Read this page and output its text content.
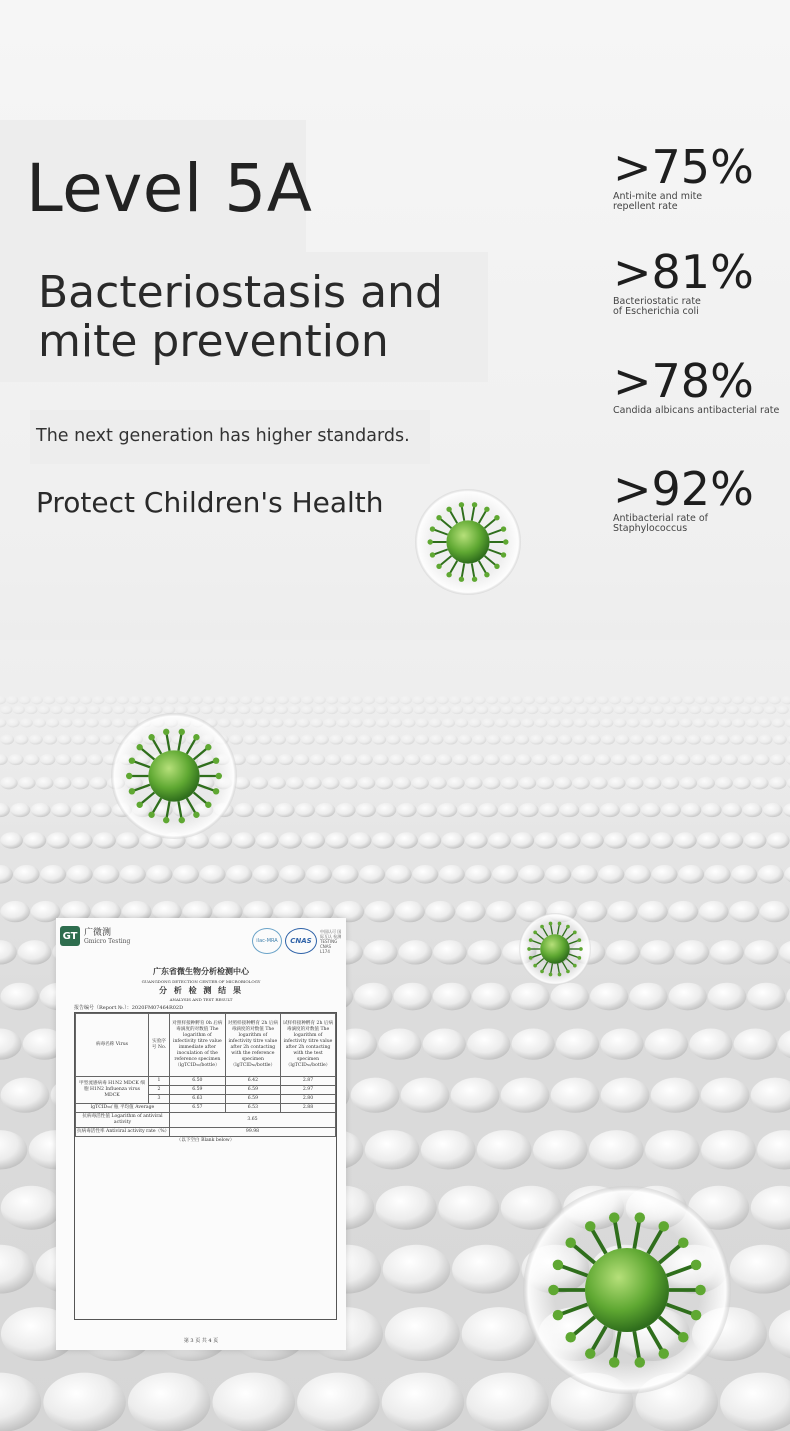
Level 5A
Bacteriostasis and
mite prevention
The next generation has higher standards.
Protect Children's Health
>75%
Anti-mite and mite repellent rate
>81%
Bacteriostatic rate of Escherichia coli
>78%
Candida albicans antibacterial rate
>92%
Antibacterial rate of Staphylococcus
GT 广微测
Gmicro Testing	ilac-MRA	CNAS
中国认可 国际互认 检测 TESTING CNAS L174
广东省微生物分析检测中心
GUANGDONG DETECTION CENTER OF MICROBIOLOGY
分 析 检 测 结 果
ANALYSIS AND TEST RESULT
报告编号（Report №.）：2020FM07464R02D
病毒名称 Virus	实验序号 No.	对照样接种孵育 0h 后病毒滴度的对数值 The logarithm of infectivity titre value immediate after inoculation of the reference specimen（lgTCID₅₀/bottle）	对照样接种孵育 2h 后病毒滴度的对数值 The logarithm of infectivity titre value after 2h contacting with the reference specimen（lgTCID₅₀/bottle）	试样样接种孵育 2h 后病毒滴度的对数值 The logarithm of infectivity titre value after 2h contacting with the test specimen（lgTCID₅₀/bottle）
甲型流感病毒 H1N2 MDCK 细胞 H1N2 Influenza virus MDCK	1	6.50	6.42	2.87
	2	6.59	6.59	2.97
	3	6.63	6.59	2.80
lgTCID₅₀/ 瓶 平均值 Average		6.57	6.53	2.88
抗病毒活性值 Logarithm of antiviral activity		3.65		
抗病毒活性率 Antiviral activity rate（%）		99.98		
（以下空白 Blank below）				
第 3 页 共 4 页
